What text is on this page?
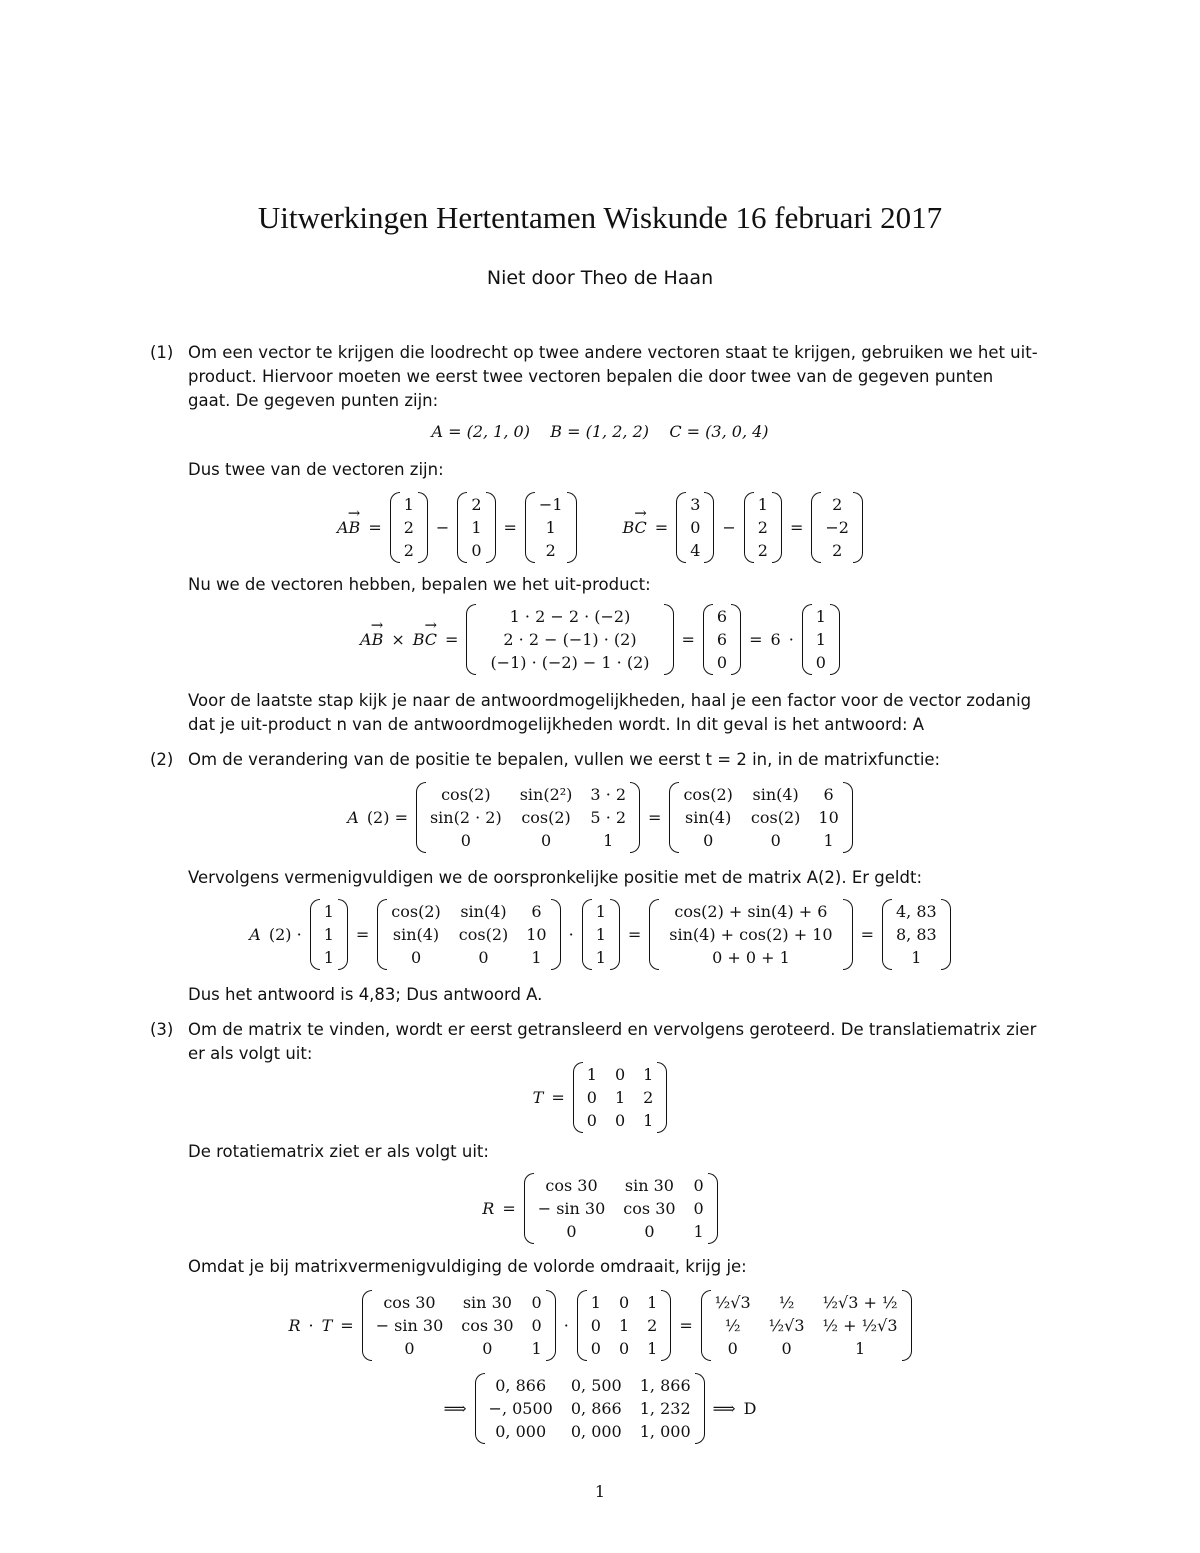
Uitwerkingen Hertentamen Wiskunde 16 februari 2017
Niet door Theo de Haan
(1) Om een vector te krijgen die loodrecht op twee andere vectoren staat te krijgen, gebruiken we het uit-product. Hiervoor moeten we eerst twee vectoren bepalen die door twee van de gegeven punten gaat. De gegeven punten zijn:
A = (2, 1, 0)    B = (1, 2, 2)    C = (3, 0, 4)
Dus twee van de vectoren zijn:
→ AB =
1
2
2
−
2
1
0
=
−1
1
2
→ BC =
3
0
4
−
1
2
2
=
2
−2
2
Nu we de vectoren hebben, bepalen we het uit-product:
→ AB ×
→ BC =
1 · 2 − 2 · (−2)
2 · 2 − (−1) · (2)
(−1) · (−2) − 1 · (2)
=
6
6
0
= 6 ·
1
1
0
Voor de laatste stap kijk je naar de antwoordmogelijkheden, haal je een factor voor de vector zodanig dat je uit-product n van de antwoordmogelijkheden wordt. In dit geval is het antwoord: A
(2) Om de verandering van de positie te bepalen, vullen we eerst t = 2 in, in de matrixfunctie:
A (2) =
cos(2)	sin(2²) 3 · 2
sin(2 · 2) cos(2) 5 · 2
0	0	1
=
cos(2) sin(4)	6
sin(4) cos(2) 10
0	0	1
Vervolgens vermenigvuldigen we de oorspronkelijke positie met de matrix A(2). Er geldt:
A (2) ·
1
1
1
=
cos(2) sin(4)	6
sin(4) cos(2) 10
0	0	1
·
1
1
1
=
cos(2) + sin(4) + 6
sin(4) + cos(2) + 10
0 + 0 + 1
=
4, 83
8, 83
1
Dus het antwoord is 4,83; Dus antwoord A.
(3) Om de matrix te vinden, wordt er eerst getransleerd en vervolgens geroteerd. De translatiematrix zier er als volgt uit:
T =
1 0 1
0 1 2
0 0 1
De rotatiematrix ziet er als volgt uit:
R =
cos 30	sin 30 0
− sin 30 cos 30 0
0	0	1
Omdat je bij matrixvermenigvuldiging de volorde omdraait, krijg je:
R · T =
cos 30	sin 30 0
− sin 30 cos 30 0
0	0	1
·
1 0 1
0 1 2
0 0 1
=
½√3	½	½√3 + ½
½	½√3 ½ + ½√3
0	0	1
⟹
0, 866	0, 500 1, 866
−, 0500 0, 866 1, 232
0, 000	0, 000 1, 000
⟹ D
1
